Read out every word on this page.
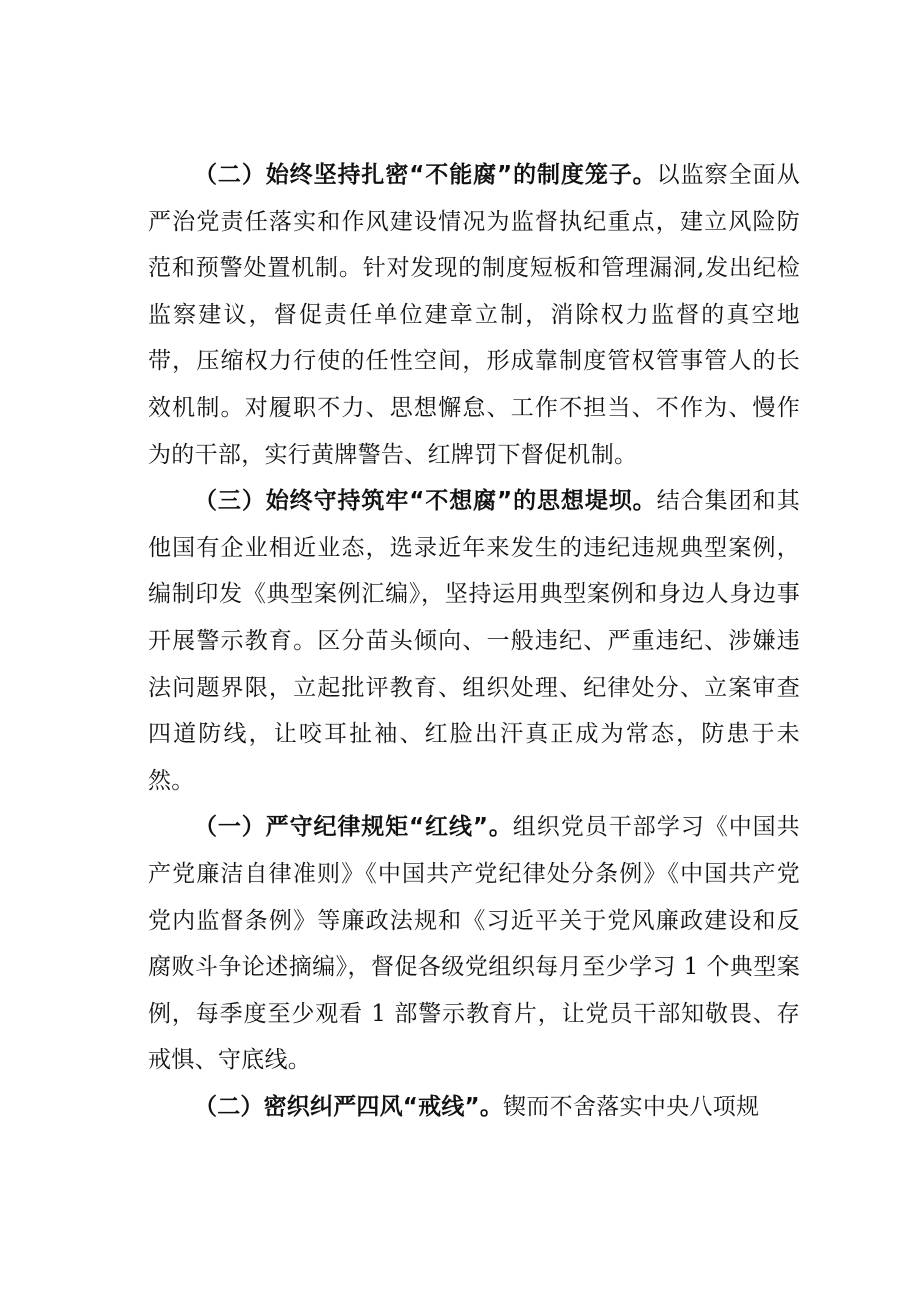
（二）始终坚持扎密“不能腐”的制度笼子。以监察全面从严治党责任落实和作风建设情况为监督执纪重点，建立风险防范和预警处置机制。针对发现的制度短板和管理漏洞,发出纪检监察建议，督促责任单位建章立制，消除权力监督的真空地带，压缩权力行使的任性空间，形成靠制度管权管事管人的长效机制。对履职不力、思想懈怠、工作不担当、不作为、慢作为的干部，实行黄牌警告、红牌罚下督促机制。

（三）始终守持筑牢“不想腐”的思想堤坝。结合集团和其他国有企业相近业态，选录近年来发生的违纪违规典型案例，编制印发《典型案例汇编》，坚持运用典型案例和身边人身边事开展警示教育。区分苗头倾向、一般违纪、严重违纪、涉嫌违法问题界限，立起批评教育、组织处理、纪律处分、立案审查四道防线，让咬耳扯袖、红脸出汗真正成为常态，防患于未然。

（一）严守纪律规矩“红线”。组织党员干部学习《中国共产党廉洁自律准则》《中国共产党纪律处分条例》《中国共产党党内监督条例》等廉政法规和《习近平关于党风廉政建设和反腐败斗争论述摘编》，督促各级党组织每月至少学习 1 个典型案例，每季度至少观看 1 部警示教育片，让党员干部知敬畏、存戒惧、守底线。

（二）密织纠严四风“戒线”。锲而不舍落实中央八项规
